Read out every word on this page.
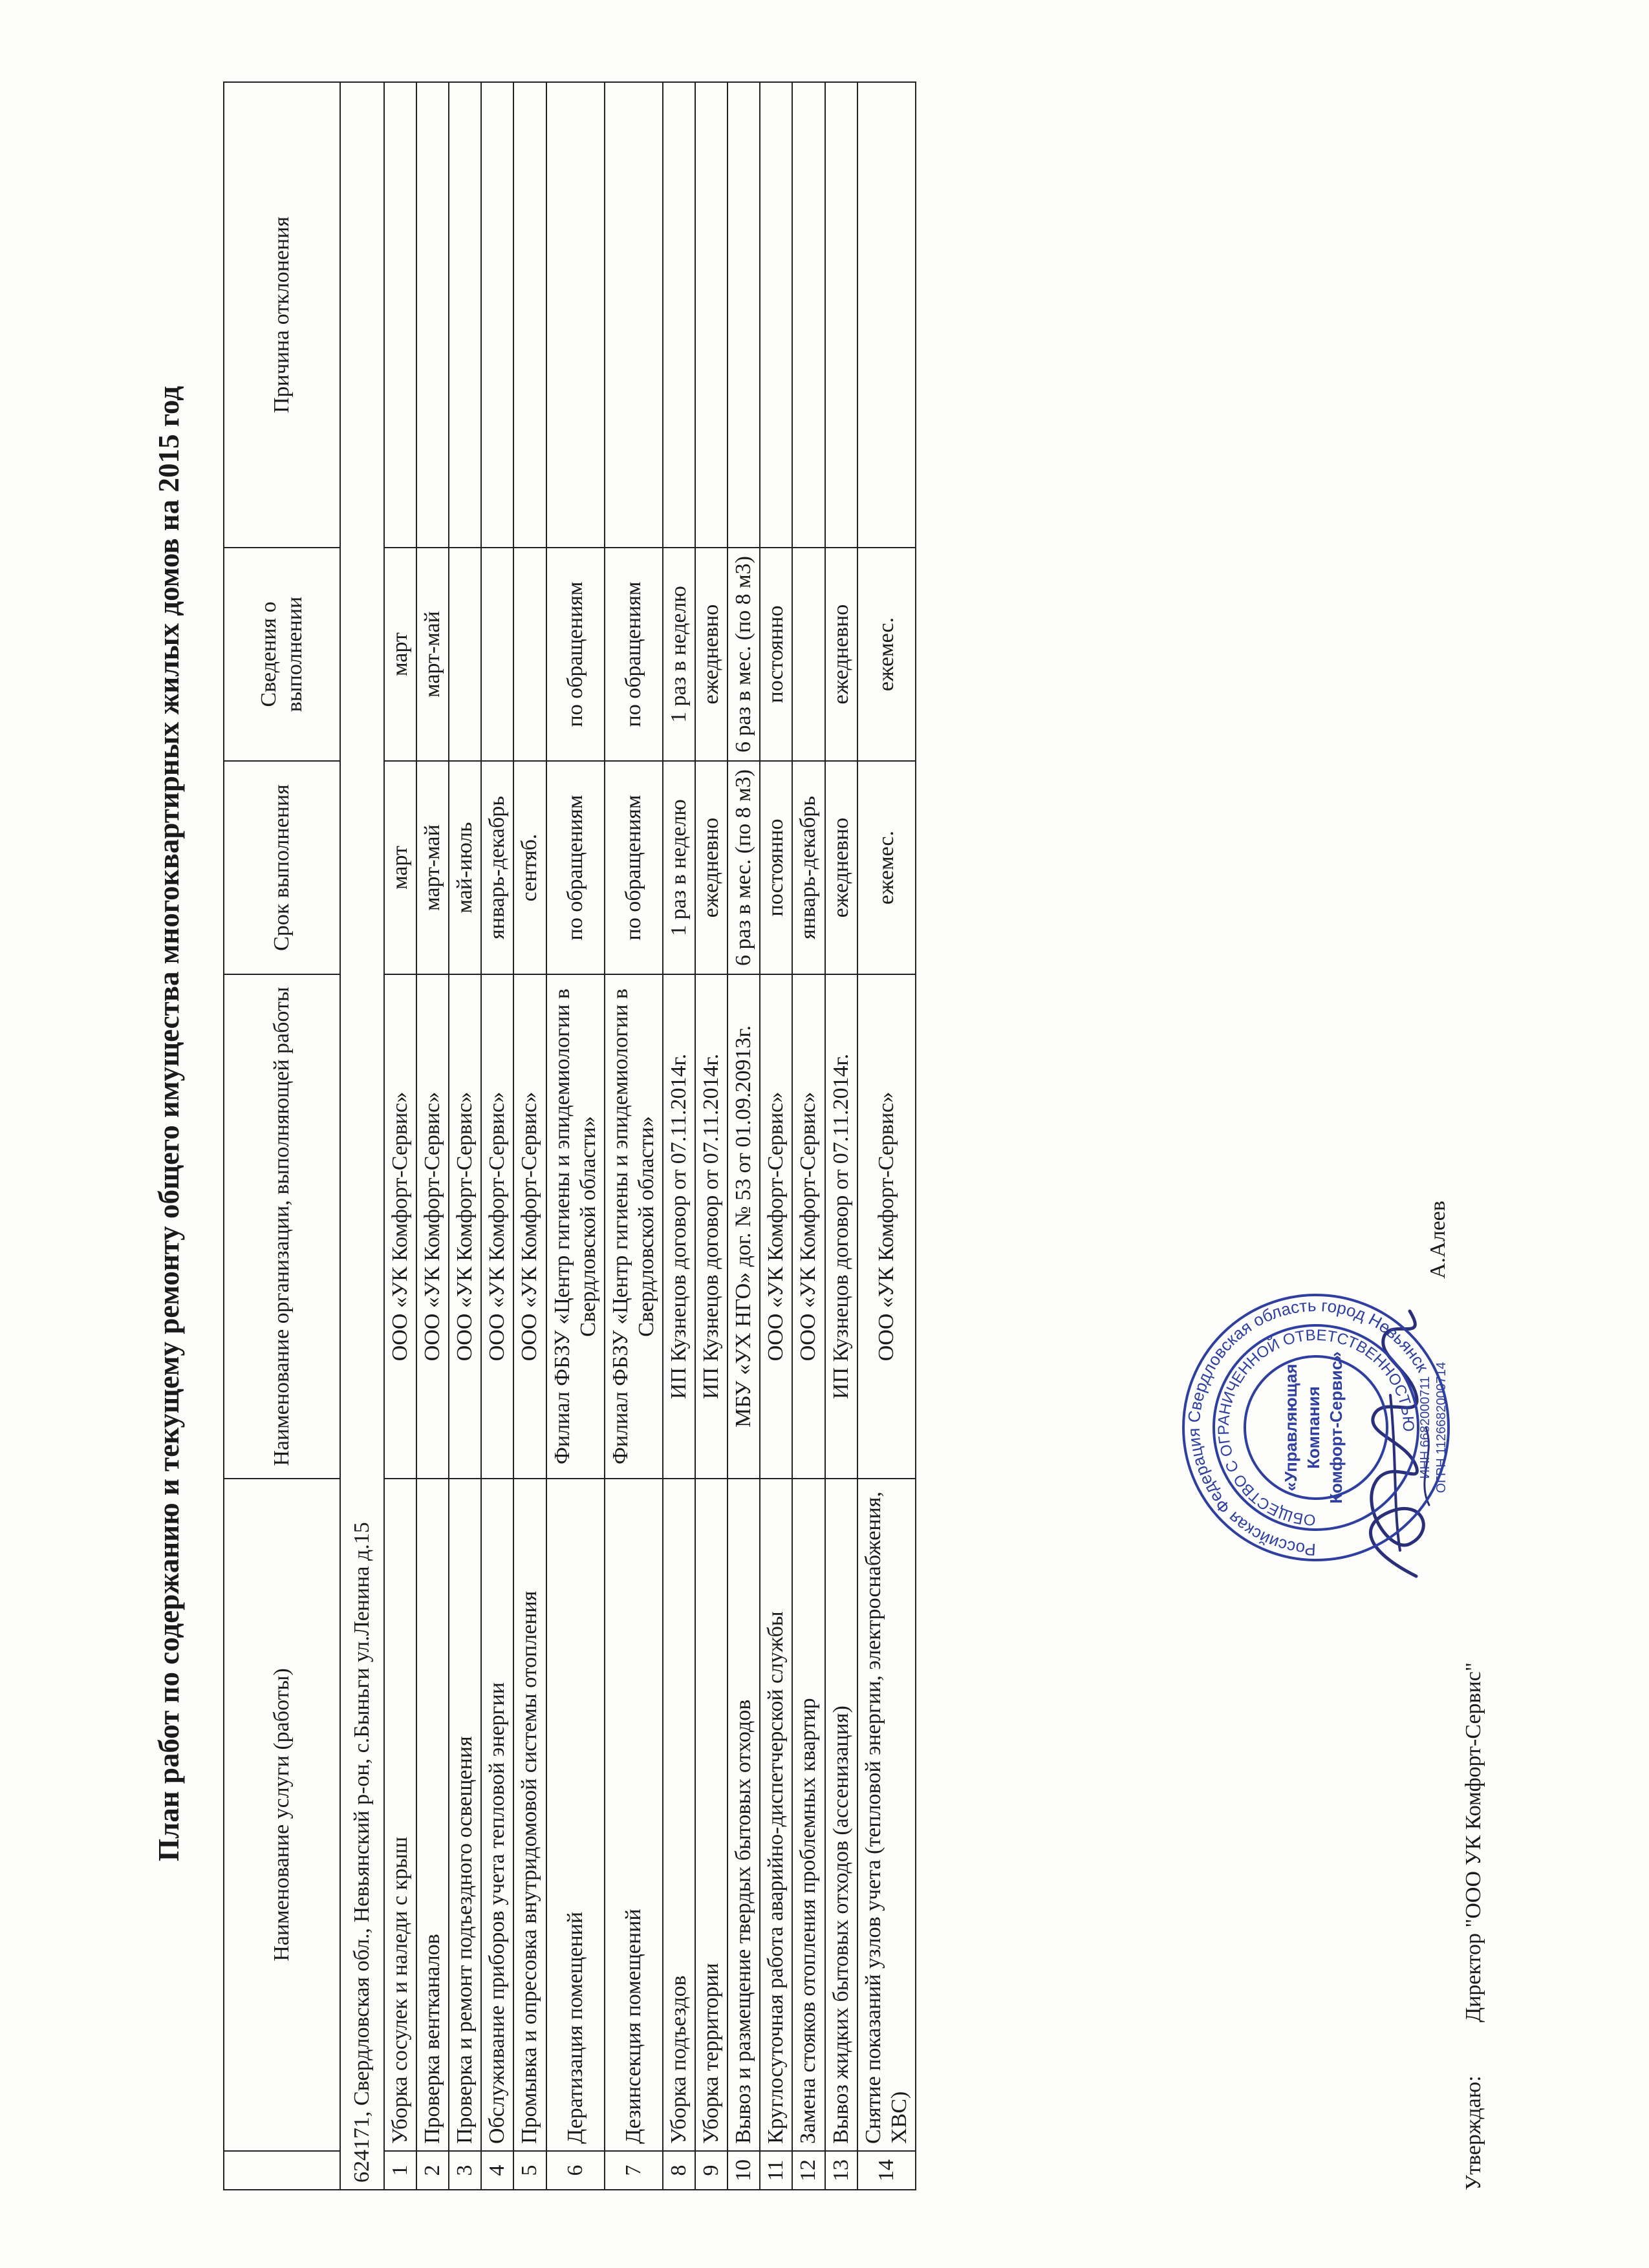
План работ по содержанию и текущему ремонту общего имущества многоквартирных жилых домов на 2015 год
		Наименование услуги (работы)	Наименование организации, выполняющей работы	Срок выполнения	Сведения о выполнении	Причина отклонения
624171, Свердловская обл., Невьянский р-он, с.Быньги ул.Ленина д.15					
1	Уборка сосулек и наледи с крыш	ООО «УК Комфорт-Сервис»	март	март	
2	Проверка вентканалов	ООО «УК Комфорт-Сервис»	март-май	март-май	
3	Проверка и ремонт подъездного освещения	ООО «УК Комфорт-Сервис»	май-июль		
4	Обслуживание приборов учета тепловой энергии	ООО «УК Комфорт-Сервис»	январь-декабрь		
5	Промывка и опресовка внутридомовой системы отопления	ООО «УК Комфорт-Сервис»	сентяб.		
6	Дератизация помещений	Филиал ФБЗУ «Центр гигиены и эпидемиологии в Свердловской области»	по обращениям	по обращениям	
7	Дезинсекция помещений	Филиал ФБЗУ «Центр гигиены и эпидемиологии в Свердловской области»	по обращениям	по обращениям	
8	Уборка подъездов	ИП Кузнецов договор от 07.11.2014г.	1 раз в неделю	1 раз в неделю	
9	Уборка территории	ИП Кузнецов договор от 07.11.2014г.	ежедневно	ежедневно	
10	Вывоз и размещение твердых бытовых отходов	МБУ «УХ НГО» дог. № 53 от 01.09.20913г.	6 раз в мес. (по 8 м3)	6 раз в мес. (по 8 м3)	
11	Круглосуточная работа аварийно-диспетчерской службы	ООО «УК Комфорт-Сервис»	постоянно	постоянно	
12	Замена стояков отопления проблемных квартир	ООО «УК Комфорт-Сервис»	январь-декабрь		
13	Вывоз жидких бытовых отходов (ассенизация)	ИП Кузнецов договор от 07.11.2014г.	ежедневно	ежедневно	
14	Снятие показаний узлов учета (тепловой энергии, электроснабжения, ХВС)	ООО «УК Комфорт-Сервис»	ежемес.	ежемес.	
Утверждаю:
Директор "ООО УК Комфорт-Сервис"
А.Алеев
Российская Федерация Свердловская область город Невьянск
ОБЩЕСТВО С ОГРАНИЧЕННОЙ ОТВЕТСТВЕННОСТЬЮ
«Управляющая Компания Комфорт-Сервис»	ИНН 6682000711 ОГРН 1126682000714
